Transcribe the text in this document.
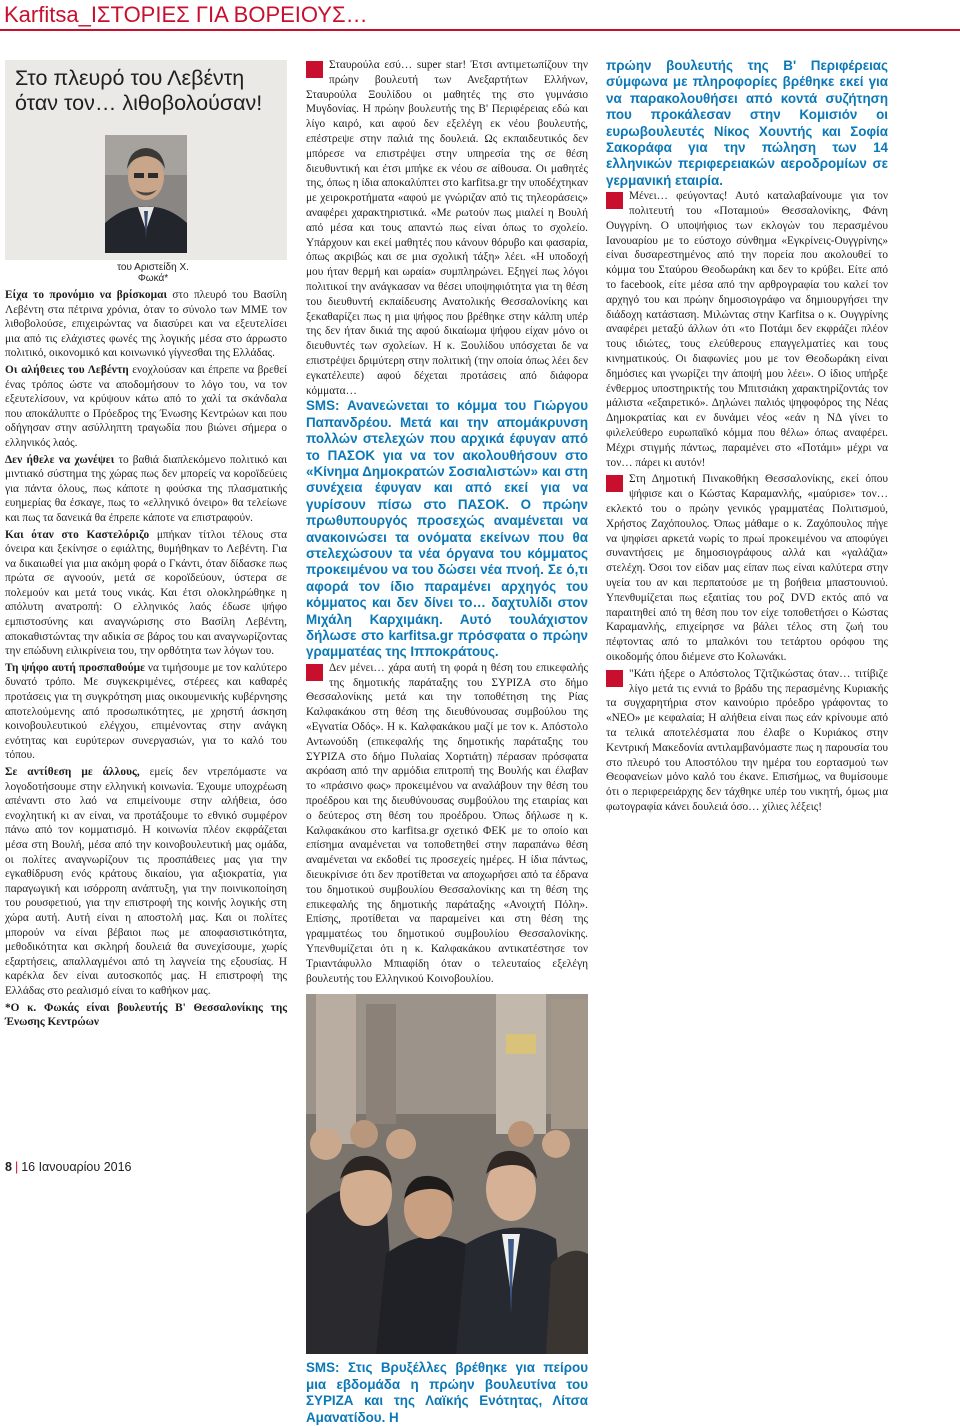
Karfitsa_ΙΣΤΟΡΙΕΣ ΓΙΑ ΒΟΡΕΙΟΥΣ…
Στο πλευρό του Λεβέντη όταν τον… λιθοβολούσαν!
του Αριστείδη Χ.
Φωκά*

Είχα το προνόμιο να βρίσκομαι στο πλευρό του Βασίλη Λεβέντη στα πέτρινα χρόνια, όταν το σύνολο των ΜΜΕ τον λιθοβολούσε, επιχειρώντας να διασύρει και να εξευτελίσει μια από τις ελάχιστες φωνές της λογικής μέσα στο άρρωστο πολιτικό, οικονομικό και κοινωνικό γίγνεσθαι της Ελλάδας.

Οι αλήθειες του Λεβέντη ενοχλούσαν και έπρεπε να βρεθεί ένας τρόπος ώστε να αποδομήσουν το λόγο του, να τον εξευτελίσουν, να κρύψουν κάτω από το χαλί τα σκάνδαλα που αποκάλυπτε ο Πρόεδρος της Ένωσης Κεντρώων και που οδήγησαν στην ασύλληπτη τραγωδία που βιώνει σήμερα ο ελληνικός λαός.

Δεν ήθελε να χωνέψει το βαθιά διαπλεκόμενο πολιτικό και μιντιακό σύστημα της χώρας πως δεν μπορείς να κοροϊδεύεις για πάντα όλους, πως κάποτε η φούσκα της πλασματικής ευημερίας θα έσκαγε, πως το «ελληνικό όνειρο» θα τελείωνε και πως τα δανεικά θα έπρεπε κάποτε να επιστραφούν.

Και όταν στο Καστελόριζο μπήκαν τίτλοι τέλους στα όνειρα και ξεκίνησε ο εφιάλτης, θυμήθηκαν το Λεβέντη. Για να δικαιωθεί για μια ακόμη φορά ο Γκάντι, όταν δίδασκε πως πρώτα σε αγνοούν, μετά σε κοροϊδεύουν, ύστερα σε πολεμούν και μετά τους νικάς. Και έτσι ολοκληρώθηκε η απόλυτη ανατροπή: Ο ελληνικός λαός έδωσε ψήφο εμπιστοσύνης και αναγνώρισης στο Βασίλη Λεβέντη, αποκαθιστώντας την αδικία σε βάρος του και αναγνωρίζοντας την επώδυνη ειλικρίνεια του, την ορθότητα των λόγων του.

Τη ψήφο αυτή προσπαθούμε να τιμήσουμε με τον καλύτερο δυνατό τρόπο. Με συγκεκριμένες, στέρεες και καθαρές προτάσεις για τη συγκρότηση μιας οικουμενικής κυβέρνησης αποτελούμενης από προσωπικότητες, με χρηστή άσκηση κοινοβουλευτικού ελέγχου, επιμένοντας στην ανάγκη ενότητας και ευρύτερων συνεργασιών, για το καλό του τόπου.

Σε αντίθεση με άλλους, εμείς δεν ντρεπόμαστε να λογοδοτήσουμε στην ελληνική κοινωνία. Έχουμε υποχρέωση απέναντι στο λαό να επιμείνουμε στην αλήθεια, όσο ενοχλητική κι αν είναι, να προτάξουμε το εθνικό συμφέρον πάνω από τον κομματισμό. Η κοινωνία πλέον εκφράζεται μέσα στη Βουλή, μέσα από την κοινοβουλευτική μας ομάδα, οι πολίτες αναγνωρίζουν τις προσπάθειες μας για την εγκαθίδρυση ενός κράτους δικαίου, για αξιοκρατία, για παραγωγική και ισόρροπη ανάπτυξη, για την ποινικοποίηση του ρουσφετιού, για την επιστροφή της κοινής λογικής στη χώρα αυτή. Αυτή είναι η αποστολή μας. Και οι πολίτες μπορούν να είναι βέβαιοι πως με αποφασιστικότητα, μεθοδικότητα και σκληρή δουλειά θα συνεχίσουμε, χωρίς εξαρτήσεις, απαλλαγμένοι από τη λαγνεία της εξουσίας. Η καρέκλα δεν είναι αυτοσκοπός μας. Η επιστροφή της Ελλάδας στο ρεαλισμό είναι το καθήκον μας.

*Ο κ. Φωκάς είναι βουλευτής Β' Θεσσαλονίκης της Ένωσης Κεντρώων

8 | 16 Ιανουαρίου 2016

Σταυρούλα εσύ… super star! Έτσι αντιμετωπίζουν την πρώην βουλευτή των Ανεξαρτήτων Ελλήνων, Σταυρούλα Ξουλίδου οι μαθητές της στο γυμνάσιο Μυγδονίας. Η πρώην βουλευτής της Β' Περιφέρειας εδώ και λίγο καιρό, και αφού δεν εξελέγη εκ νέου βουλευτής, επέστρεψε στην παλιά της δουλειά. Ως εκπαιδευτικός δεν μπόρεσε να επιστρέψει στην υπηρεσία της σε θέση διευθυντική και έτσι μπήκε εκ νέου σε αίθουσα. Οι μαθητές της, όπως η ίδια αποκαλύπτει στο karfitsa.gr την υποδέχτηκαν με χειροκροτήματα «αφού με γνώριζαν από τις τηλεοράσεις» αναφέρει χαρακτηριστικά. «Με ρωτούν πως μιαλεί η Βουλή από μέσα και τους απαντώ πως είναι όπως το σχολείο. Υπάρχουν και εκεί μαθητές που κάνουν θόρυβο και φασαρία, όπως ακριβώς και σε μια σχολική τάξη» λέει. «Η υποδοχή μου ήταν θερμή και ωραία» συμπληρώνει. Εξηγεί πως λόγοι πολιτικοί την ανάγκασαν να θέσει υποψηφιότητα για τη θέση του διευθυντή εκπαίδευσης Ανατολικής Θεσσαλονίκης και ξεκαθαρίζει πως η μια ψήφος που βρέθηκε στην κάλπη υπέρ της δεν ήταν δικιά της αφού δικαίωμα ψήφου είχαν μόνο οι διευθυντές των σχολείων. Η κ. Ξουλίδου υπόσχεται δε να επιστρέψει δριμύτερη στην πολιτική (την οποία όπως λέει δεν εγκατέλειπε) αφού δέχεται προτάσεις από διάφορα κόμματα…

SMS: Ανανεώνεται το κόμμα του Γιώργου Παπανδρέου. Μετά και την απομάκρυνση πολλών στελεχών που αρχικά έφυγαν από το ΠΑΣΟΚ για να τον ακολουθήσουν στο «Κίνημα Δημοκρατών Σοσιαλιστών» και στη συνέχεια έφυγαν και από εκεί για να γυρίσουν πίσω στο ΠΑΣΟΚ. Ο πρώην πρωθυπουργός προσεχώς αναμένεται να ανακοινώσει τα ονόματα εκείνων που θα στελεχώσουν τα νέα όργανα του κόμματος προκειμένου να του δώσει νέα πνοή. Σε ό,τι αφορά τον ίδιο παραμένει αρχηγός του κόμματος και δεν δίνει το… δαχτυλίδι στον Μιχάλη Καρχιμάκη. Αυτό τουλάχιστον δήλωσε στο karfitsa.gr πρόσφατα ο πρώην γραμματέας της Ιπποκράτους.

Δεν μένει… χάρα αυτή τη φορά η θέση του επικεφαλής της δημοτικής παράταξης του ΣΥΡΙΖΑ στο δήμο Θεσσαλονίκης μετά και την τοποθέτηση της Ρίας Καλφακάκου στη θέση της διευθύνουσας συμβούλου της «Εγνατία Οδός». Η κ. Καλφακάκου μαζί με τον κ. Απόστολο Αντωνούδη (επικεφαλής της δημοτικής παράταξης του ΣΥΡΙΖΑ στο δήμο Πυλαίας Χορτιάτη) πέρασαν πρόσφατα ακρόαση από την αρμόδια επιτροπή της Βουλής και έλαβαν το «πράσινο φως» προκειμένου να αναλάβουν την θέση του προέδρου και της διευθύνουσας συμβούλου της εταιρίας και ο δεύτερος στη θέση του προέδρου. Όπως δήλωσε η κ. Καλφακάκου στο karfitsa.gr σχετικό ΦΕΚ με το οποίο και επίσημα αναμένεται να τοποθετηθεί στην παραπάνω θέση αναμένεται να εκδοθεί τις προσεχείς ημέρες. Η ίδια πάντως, διευκρίνισε ότι δεν προτίθεται να αποχωρήσει από τα έδρανα του δημοτικού συμβουλίου Θεσσαλονίκης και τη θέση της επικεφαλής της δημοτικής παράταξης «Ανοιχτή Πόλη». Επίσης, προτίθεται να παραμείνει και στη θέση της γραμματέως του δημοτικού συμβουλίου Θεσσαλονίκης. Υπενθυμίζεται ότι η κ. Καλφακάκου αντικατέστησε τον Τριαντάφυλλο Μπιαφίδη όταν ο τελευταίος εξελέγη βουλευτής του Ελληνικού Κοινοβουλίου.

SMS: Στις Βρυξέλλες βρέθηκε για πείρου μια εβδομάδα η πρώην βουλευτίνα του ΣΥΡΙΖΑ και της Λαϊκής Ενότητας, Λίτσα Αμανατίδου. Η

πρώην βουλευτής της Β' Περιφέρειας σύμφωνα με πληροφορίες βρέθηκε εκεί για να παρακολουθήσει από κοντά συζήτηση που προκάλεσαν στην Κομισιόν οι ευρωβουλευτές Νίκος Χουντής και Σοφία Σακοράφα για την πώληση των 14 ελληνικών περιφερειακών αεροδρομίων σε γερμανική εταιρία.

Μένει… φεύγοντας! Αυτό καταλαβαίνουμε για τον πολιτευτή του «Ποταμιού» Θεσσαλονίκης, Φάνη Ουγγρίνη. Ο υποψήφιος των εκλογών του περασμένου Ιανουαρίου με το εύστοχο σύνθημα «Εγκρίνεις-Ουγγρίνης» είναι δυσαρεστημένος από την πορεία που ακολουθεί το κόμμα του Σταύρου Θεοδωράκη και δεν το κρύβει. Είτε από το facebook, είτε μέσα από την αρθρογραφία του καλεί τον αρχηγό του και πρώην δημοσιογράφο να δημιουργήσει την διάδοχη κατάσταση. Μιλώντας στην Karfitsa ο κ. Ουγγρίνης αναφέρει μεταξύ άλλων ότι «το Ποτάμι δεν εκφράζει πλέον τους ιδιώτες, τους ελεύθερους επαγγελματίες και τους κινηματικούς. Οι διαφωνίες μου με τον Θεοδωράκη είναι δημόσιες και γνωρίζει την άποψή μου λέει». Ο ίδιος υπήρξε ένθερμος υποστηρικτής του Μπιτσιάκη χαρακτηρίζοντάς τον μάλιστα «εξαιρετικό». Δηλώνει παλιός ψηφοφόρος της Νέας Δημοκρατίας και εν δυνάμει νέος «εάν η ΝΔ γίνει το φιλελεύθερο ευρωπαϊκό κόμμα που θέλω» όπως αναφέρει. Μέχρι στιγμής πάντως, παραμένει στο «Ποτάμι» μέχρι να τον… πάρει κι αυτόν!

Στη Δημοτική Πινακοθήκη Θεσσαλονίκης, εκεί όπου ψήφισε και ο Κώστας Καραμανλής, «μαύρισε» τον… εκλεκτό του ο πρώην γενικός γραμματέας Πολιτισμού, Χρήστος Ζαχόπουλος. Όπως μάθαμε ο κ. Ζαχόπουλος πήγε να ψηφίσει αρκετά νωρίς το πρωί προκειμένου να αποφύγει συναντήσεις με δημοσιογράφους αλλά και «γαλάζια» στελέχη. Όσοι τον είδαν μας είπαν πως είναι καλύτερα στην υγεία του αν και περπατούσε με τη βοήθεια μπαστουνιού. Υπενθυμίζεται πως εξαιτίας του ροζ DVD εκτός από να παραιτηθεί από τη θέση που τον είχε τοποθετήσει ο Κώστας Καραμανλής, επιχείρησε να βάλει τέλος στη ζωή του πέφτοντας από το μπαλκόνι του τετάρτου ορόφου της οικοδομής όπου διέμενε στο Κολωνάκι.

"Κάτι ήξερε ο Απόστολος Τζιτζικώστας όταν… τιτίβιζε λίγο μετά τις εννιά το βράδυ της περασμένης Κυριακής τα συγχαρητήρια στον καινούριο πρόεδρο γράφοντας το «ΝΕΟ» με κεφαλαία; Η αλήθεια είναι πως εάν κρίνουμε από τα τελικά αποτελέσματα που έλαβε ο Κυριάκος στην Κεντρική Μακεδονία αντιλαμβανόμαστε πως η παρουσία του στο πλευρό του Αποστόλου την ημέρα του εορτασμού των Θεοφανείων μόνο καλό του έκανε. Επισήμως, να θυμίσουμε ότι ο περιφερειάρχης δεν τάχθηκε υπέρ του νικητή, όμως μια φωτογραφία κάνει δουλειά όσο… χίλιες λέξεις!
